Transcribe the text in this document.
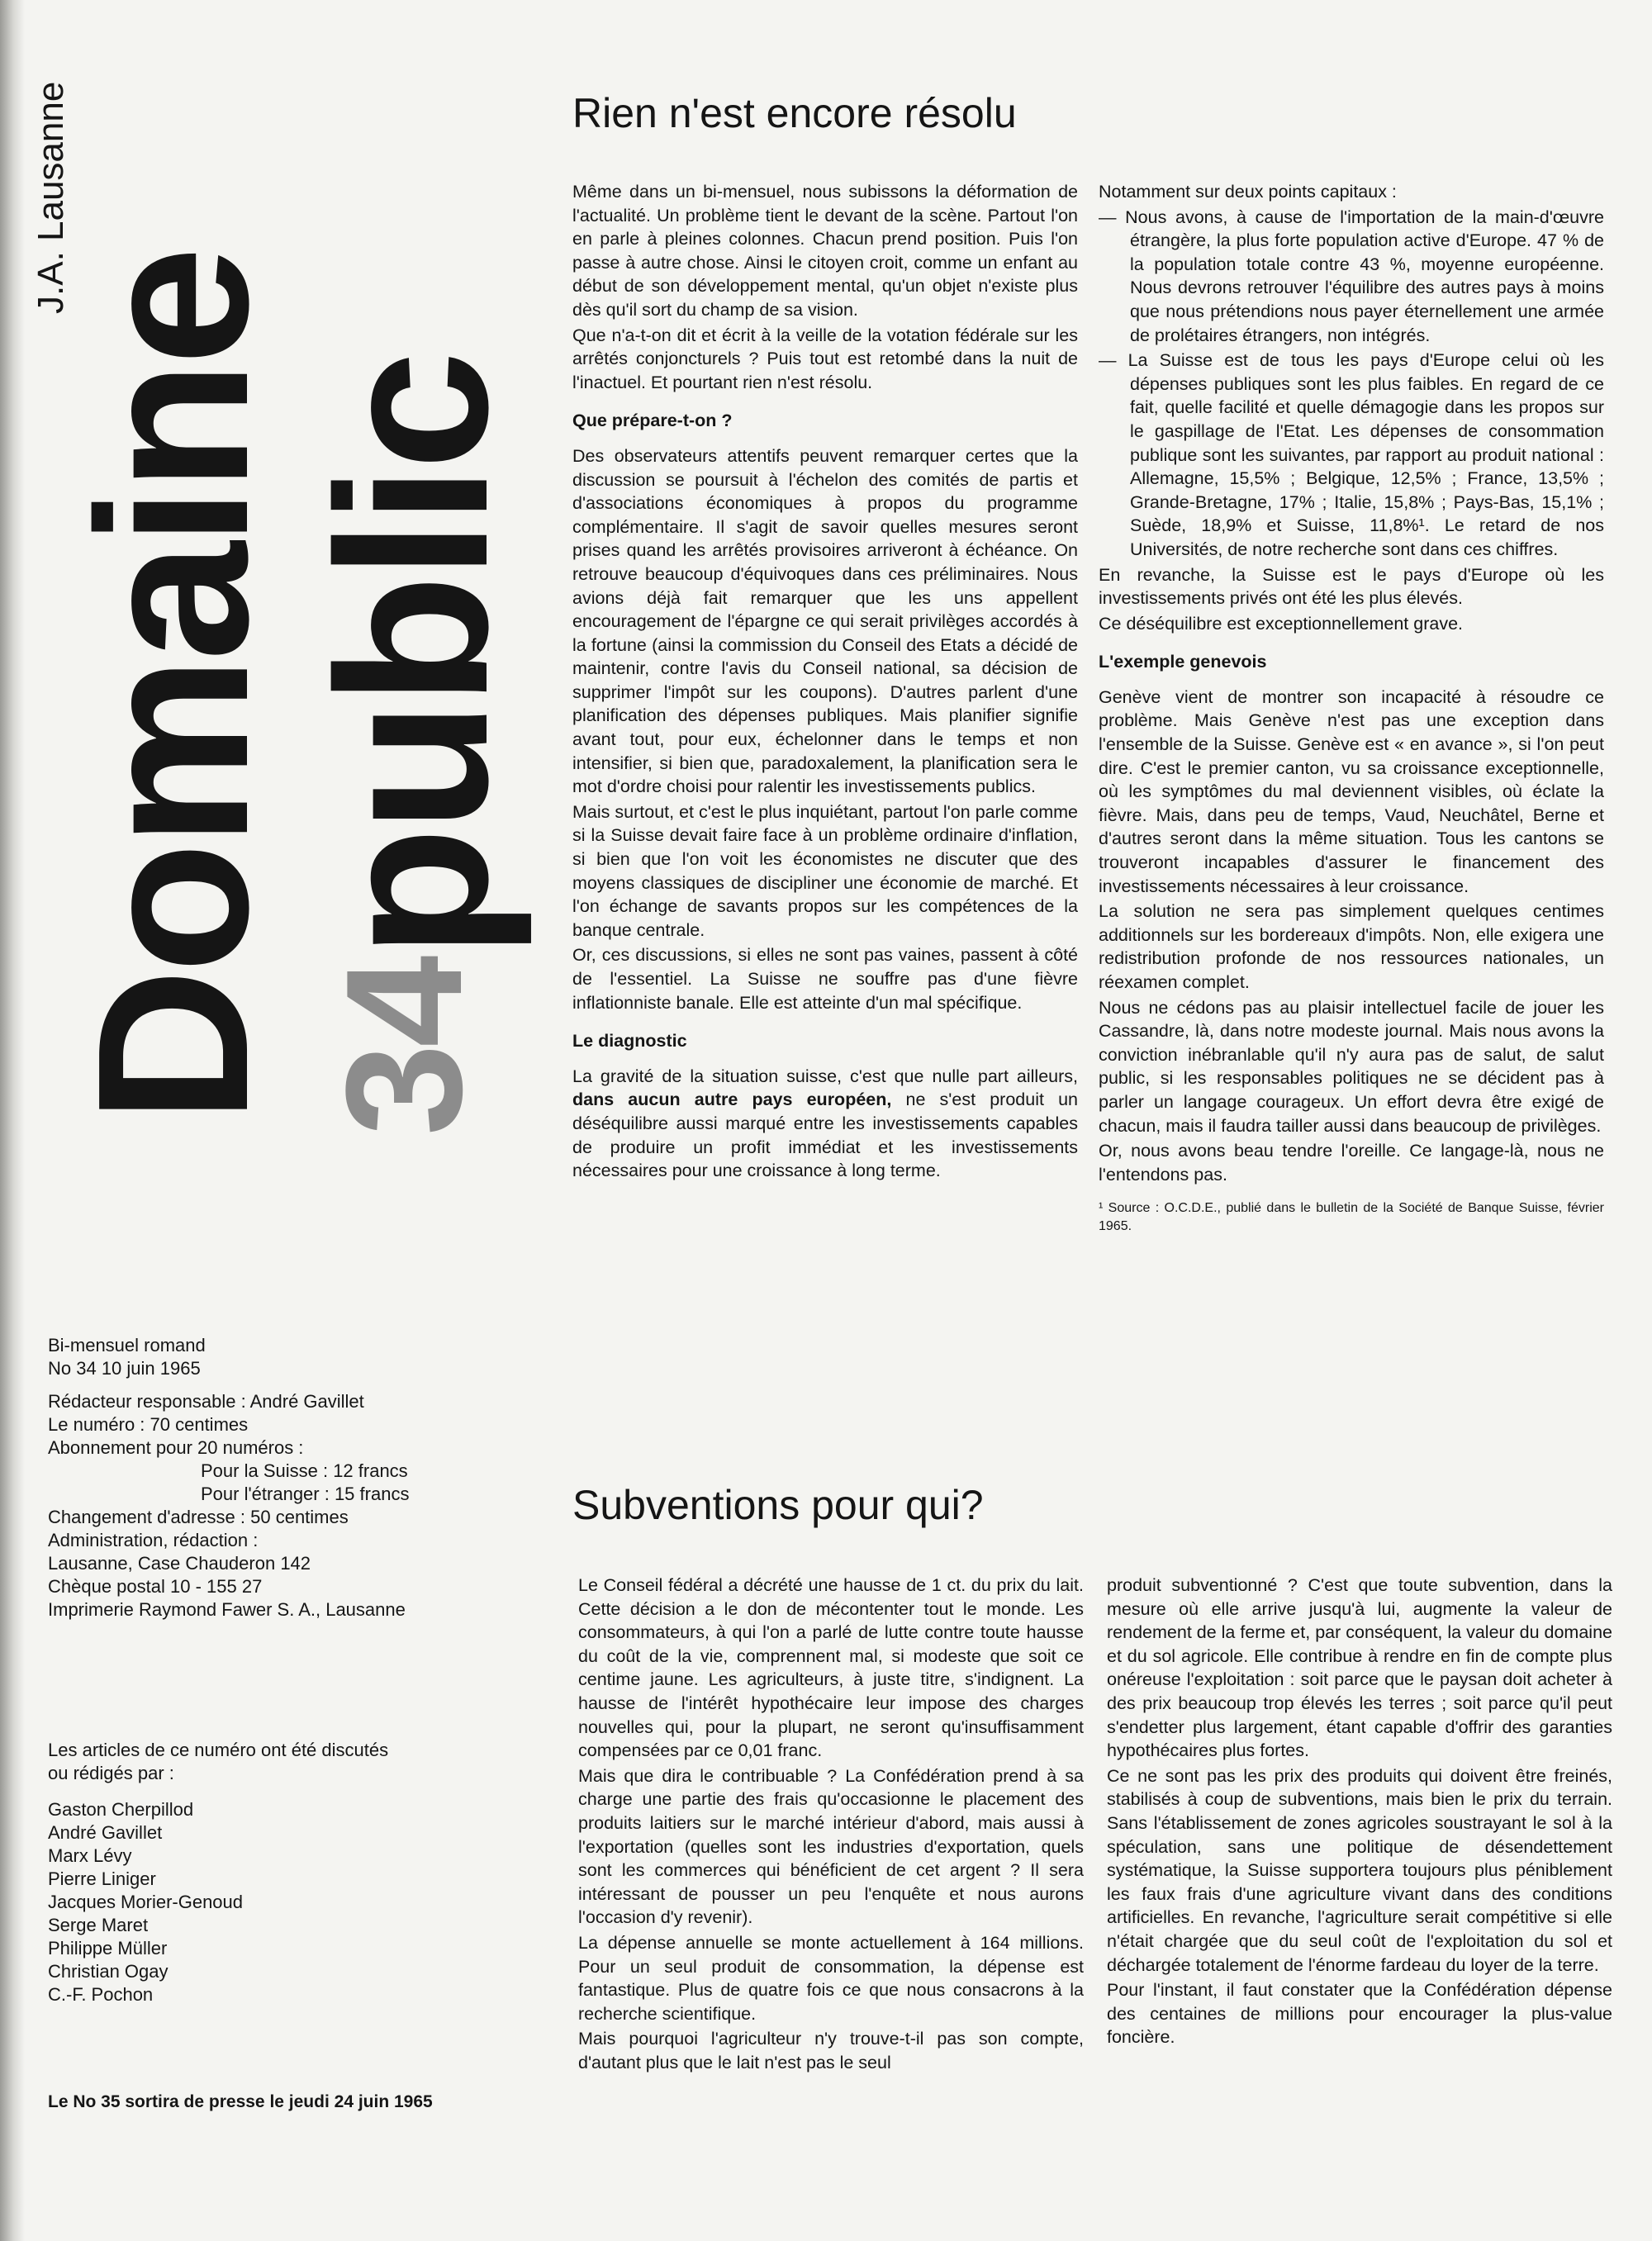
J.A. Lausanne
Domaine public
34

Bi-mensuel romand

No 34 10 juin 1965

Rédacteur responsable : André Gavillet

Le numéro : 70 centimes

Abonnement pour 20 numéros :

Pour la Suisse : 12 francs

Pour l'étranger : 15 francs

Changement d'adresse : 50 centimes

Administration, rédaction :

Lausanne, Case Chauderon 142

Chèque postal 10 - 155 27

Imprimerie Raymond Fawer S. A., Lausanne

Les articles de ce numéro ont été discutés ou rédigés par :

Gaston Cherpillod

André Gavillet

Marx Lévy

Pierre Liniger

Jacques Morier-Genoud

Serge Maret

Philippe Müller

Christian Ogay

C.-F. Pochon

Le No 35 sortira de presse le jeudi 24 juin 1965
Rien n'est encore résolu

Même dans un bi-mensuel, nous subissons la déformation de l'actualité. Un problème tient le devant de la scène. Partout l'on en parle à pleines colonnes. Chacun prend position. Puis l'on passe à autre chose. Ainsi le citoyen croit, comme un enfant au début de son développement mental, qu'un objet n'existe plus dès qu'il sort du champ de sa vision.

Que n'a-t-on dit et écrit à la veille de la votation fédérale sur les arrêtés conjoncturels ? Puis tout est retombé dans la nuit de l'inactuel. Et pourtant rien n'est résolu.

Que prépare-t-on ?

Des observateurs attentifs peuvent remarquer certes que la discussion se poursuit à l'échelon des comités de partis et d'associations économiques à propos du programme complémentaire. Il s'agit de savoir quelles mesures seront prises quand les arrêtés provisoires arriveront à échéance. On retrouve beaucoup d'équivoques dans ces préliminaires. Nous avions déjà fait remarquer que les uns appellent encouragement de l'épargne ce qui serait privilèges accordés à la fortune (ainsi la commission du Conseil des Etats a décidé de maintenir, contre l'avis du Conseil national, sa décision de supprimer l'impôt sur les coupons). D'autres parlent d'une planification des dépenses publiques. Mais planifier signifie avant tout, pour eux, échelonner dans le temps et non intensifier, si bien que, paradoxalement, la planification sera le mot d'ordre choisi pour ralentir les investissements publics.

Mais surtout, et c'est le plus inquiétant, partout l'on parle comme si la Suisse devait faire face à un problème ordinaire d'inflation, si bien que l'on voit les économistes ne discuter que des moyens classiques de discipliner une économie de marché. Et l'on échange de savants propos sur les compétences de la banque centrale.

Or, ces discussions, si elles ne sont pas vaines, passent à côté de l'essentiel. La Suisse ne souffre pas d'une fièvre inflationniste banale. Elle est atteinte d'un mal spécifique.

Le diagnostic

La gravité de la situation suisse, c'est que nulle part ailleurs, dans aucun autre pays européen, ne s'est produit un déséquilibre aussi marqué entre les investissements capables de produire un profit immédiat et les investissements nécessaires pour une croissance à long terme.

Notamment sur deux points capitaux :

— Nous avons, à cause de l'importation de la main-d'œuvre étrangère, la plus forte population active d'Europe. 47 % de la population totale contre 43 %, moyenne européenne. Nous devrons retrouver l'équilibre des autres pays à moins que nous prétendions nous payer éternellement une armée de prolétaires étrangers, non intégrés.

— La Suisse est de tous les pays d'Europe celui où les dépenses publiques sont les plus faibles. En regard de ce fait, quelle facilité et quelle démagogie dans les propos sur le gaspillage de l'Etat. Les dépenses de consommation publique sont les suivantes, par rapport au produit national : Allemagne, 15,5% ; Belgique, 12,5% ; France, 13,5% ; Grande-Bretagne, 17% ; Italie, 15,8% ; Pays-Bas, 15,1% ; Suède, 18,9% et Suisse, 11,8%¹. Le retard de nos Universités, de notre recherche sont dans ces chiffres.

En revanche, la Suisse est le pays d'Europe où les investissements privés ont été les plus élevés.

Ce déséquilibre est exceptionnellement grave.

L'exemple genevois

Genève vient de montrer son incapacité à résoudre ce problème. Mais Genève n'est pas une exception dans l'ensemble de la Suisse. Genève est « en avance », si l'on peut dire. C'est le premier canton, vu sa croissance exceptionnelle, où les symptômes du mal deviennent visibles, où éclate la fièvre. Mais, dans peu de temps, Vaud, Neuchâtel, Berne et d'autres seront dans la même situation. Tous les cantons se trouveront incapables d'assurer le financement des investissements nécessaires à leur croissance.

La solution ne sera pas simplement quelques centimes additionnels sur les bordereaux d'impôts. Non, elle exigera une redistribution profonde de nos ressources nationales, un réexamen complet.

Nous ne cédons pas au plaisir intellectuel facile de jouer les Cassandre, là, dans notre modeste journal. Mais nous avons la conviction inébranlable qu'il n'y aura pas de salut, de salut public, si les responsables politiques ne se décident pas à parler un langage courageux. Un effort devra être exigé de chacun, mais il faudra tailler aussi dans beaucoup de privilèges.

Or, nous avons beau tendre l'oreille. Ce langage-là, nous ne l'entendons pas.

¹ Source : O.C.D.E., publié dans le bulletin de la Société de Banque Suisse, février 1965.

Subventions pour qui?

Le Conseil fédéral a décrété une hausse de 1 ct. du prix du lait. Cette décision a le don de mécontenter tout le monde. Les consommateurs, à qui l'on a parlé de lutte contre toute hausse du coût de la vie, comprennent mal, si modeste que soit ce centime jaune. Les agriculteurs, à juste titre, s'indignent. La hausse de l'intérêt hypothécaire leur impose des charges nouvelles qui, pour la plupart, ne seront qu'insuffisamment compensées par ce 0,01 franc.

Mais que dira le contribuable ? La Confédération prend à sa charge une partie des frais qu'occasionne le placement des produits laitiers sur le marché intérieur d'abord, mais aussi à l'exportation (quelles sont les industries d'exportation, quels sont les commerces qui bénéficient de cet argent ? Il sera intéressant de pousser un peu l'enquête et nous aurons l'occasion d'y revenir).

La dépense annuelle se monte actuellement à 164 millions. Pour un seul produit de consommation, la dépense est fantastique. Plus de quatre fois ce que nous consacrons à la recherche scientifique.

Mais pourquoi l'agriculteur n'y trouve-t-il pas son compte, d'autant plus que le lait n'est pas le seul

produit subventionné ? C'est que toute subvention, dans la mesure où elle arrive jusqu'à lui, augmente la valeur de rendement de la ferme et, par conséquent, la valeur du domaine et du sol agricole. Elle contribue à rendre en fin de compte plus onéreuse l'exploitation : soit parce que le paysan doit acheter à des prix beaucoup trop élevés les terres ; soit parce qu'il peut s'endetter plus largement, étant capable d'offrir des garanties hypothécaires plus fortes.

Ce ne sont pas les prix des produits qui doivent être freinés, stabilisés à coup de subventions, mais bien le prix du terrain. Sans l'établissement de zones agricoles soustrayant le sol à la spéculation, sans une politique de désendettement systématique, la Suisse supportera toujours plus péniblement les faux frais d'une agriculture vivant dans des conditions artificielles. En revanche, l'agriculture serait compétitive si elle n'était chargée que du seul coût de l'exploitation du sol et déchargée totalement de l'énorme fardeau du loyer de la terre.

Pour l'instant, il faut constater que la Confédération dépense des centaines de millions pour encourager la plus-value foncière.
